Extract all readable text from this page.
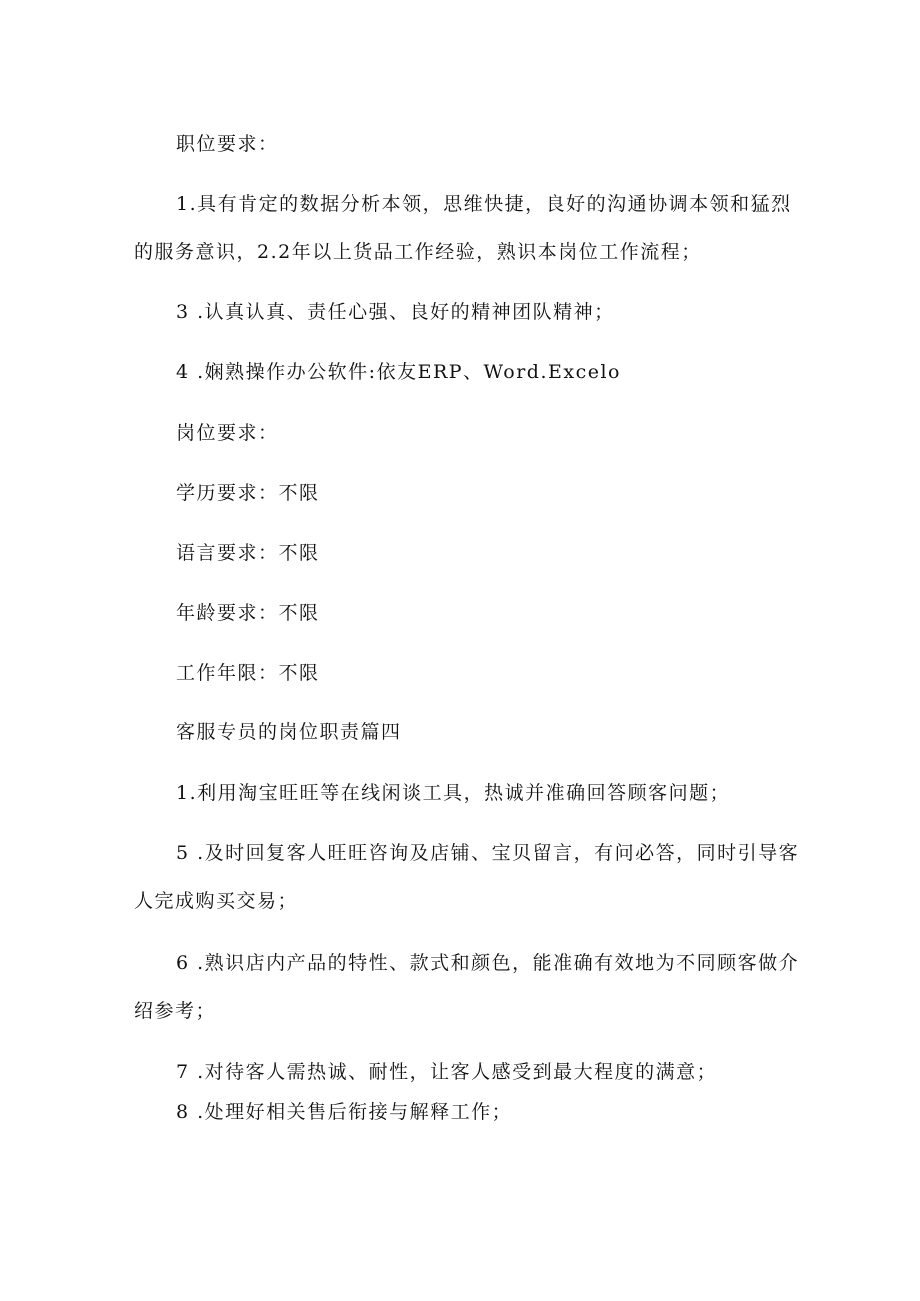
职位要求：
1.具有肯定的数据分析本领，思维快捷，良好的沟通协调本领和猛烈
的服务意识，2.2年以上货品工作经验，熟识本岗位工作流程；
3 .认真认真、责任心强、良好的精神团队精神；
4 .娴熟操作办公软件:依友ERP、Word.Excelo
岗位要求：
学历要求：不限
语言要求：不限
年龄要求：不限
工作年限：不限
客服专员的岗位职责篇四
1.利用淘宝旺旺等在线闲谈工具，热诚并准确回答顾客问题；
5 .及时回复客人旺旺咨询及店铺、宝贝留言，有问必答，同时引导客
人完成购买交易；
6 .熟识店内产品的特性、款式和颜色，能准确有效地为不同顾客做介
绍参考；
7 .对待客人需热诚、耐性，让客人感受到最大程度的满意；
8 .处理好相关售后衔接与解释工作；
